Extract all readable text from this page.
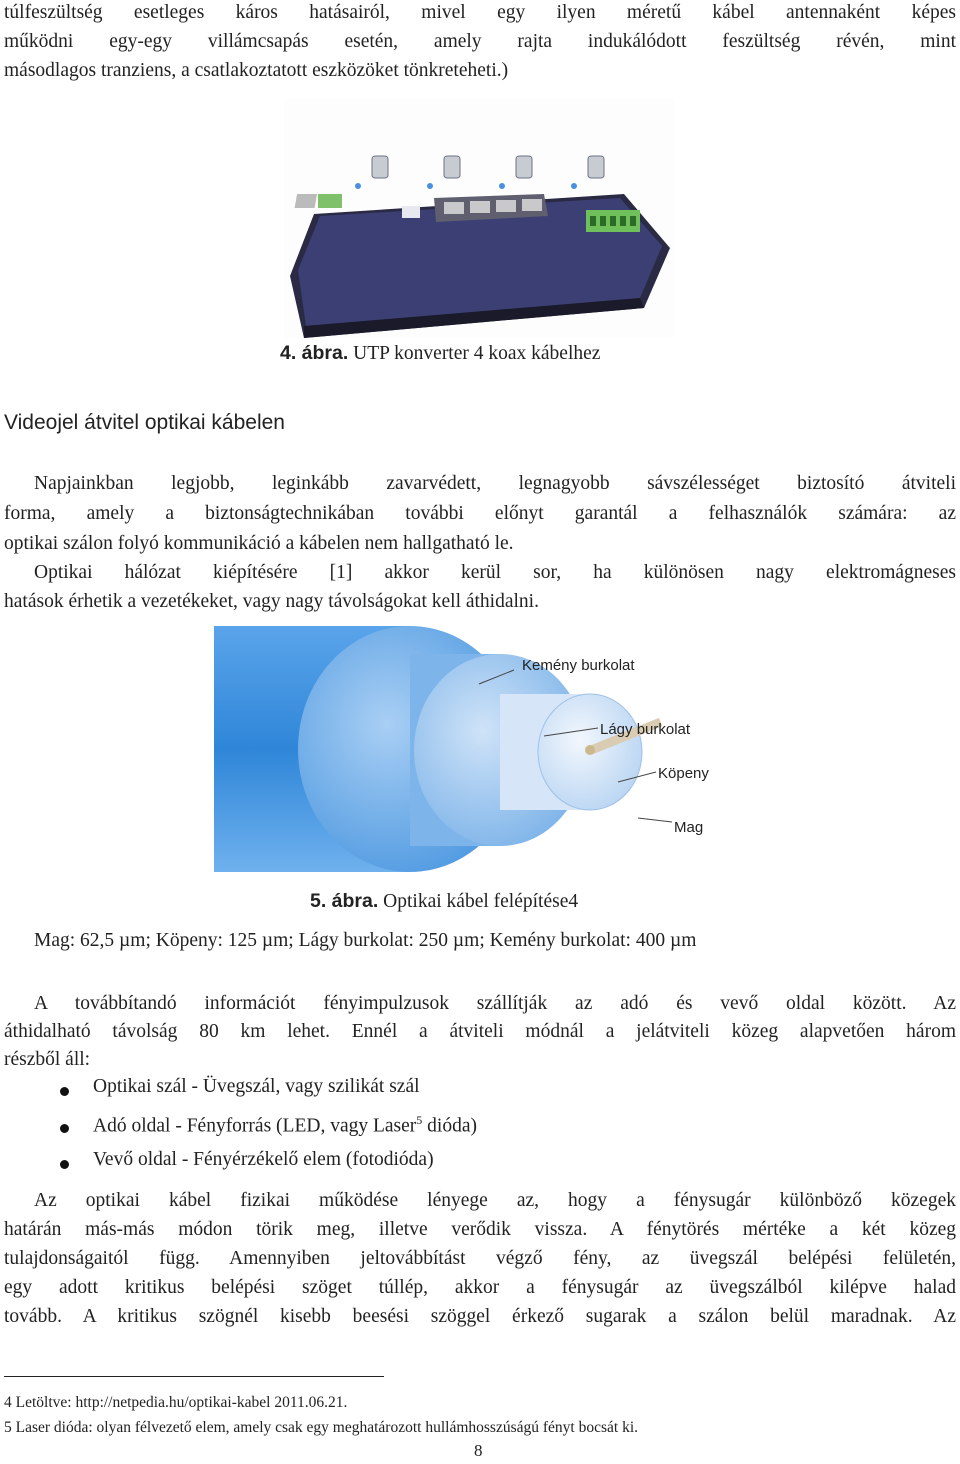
túlfeszültség esetleges káros hatásairól, mivel egy ilyen méretű kábel antennaként képes
működni egy-egy villámcsapás esetén, amely rajta indukálódott feszültség révén, mint
másodlagos tranziens, a csatlakoztatott eszközöket tönkreteheti.)
4. ábra. UTP konverter 4 koax kábelhez
Videojel átvitel optikai kábelen
Napjainkban legjobb, leginkább zavarvédett, legnagyobb sávszélességet biztosító átviteli
forma, amely a biztonságtechnikában további előnyt garantál a felhasználók számára: az
optikai szálon folyó kommunikáció a kábelen nem hallgatható le.
Optikai hálózat kiépítésére [1] akkor kerül sor, ha különösen nagy elektromágneses
hatások érhetik a vezetékeket, vagy nagy távolságokat kell áthidalni.
Kemény burkolat
Lágy burkolat
Köpeny
Mag
5. ábra. Optikai kábel felépítése4
Mag: 62,5 µm; Köpeny: 125 µm; Lágy burkolat: 250 µm; Kemény burkolat: 400 µm
A továbbítandó információt fényimpulzusok szállítják az adó és vevő oldal között. Az
áthidalható távolság 80 km lehet. Ennél a átviteli módnál a jelátviteli közeg alapvetően három
részből áll:
Optikai szál - Üvegszál, vagy szilikát szál
Adó oldal - Fényforrás (LED, vagy Laser$^5$ dióda)
Vevő oldal - Fényérzékelő elem (fotodióda)
Az optikai kábel fizikai működése lényege az, hogy a fénysugár különböző közegek
határán más-más módon törik meg, illetve verődik vissza. A fénytörés mértéke a két közeg
tulajdonságaitól függ. Amennyiben jeltovábbítást végző fény, az üvegszál belépési felületén,
egy adott kritikus belépési szöget túllép, akkor a fénysugár az üvegszálból kilépve halad
tovább. A kritikus szögnél kisebb beesési szöggel érkező sugarak a szálon belül maradnak. Az
4 Letöltve: http://netpedia.hu/optikai-kabel 2011.06.21.
5 Laser dióda: olyan félvezető elem, amely csak egy meghatározott hullámhosszúságú fényt bocsát ki.
8
